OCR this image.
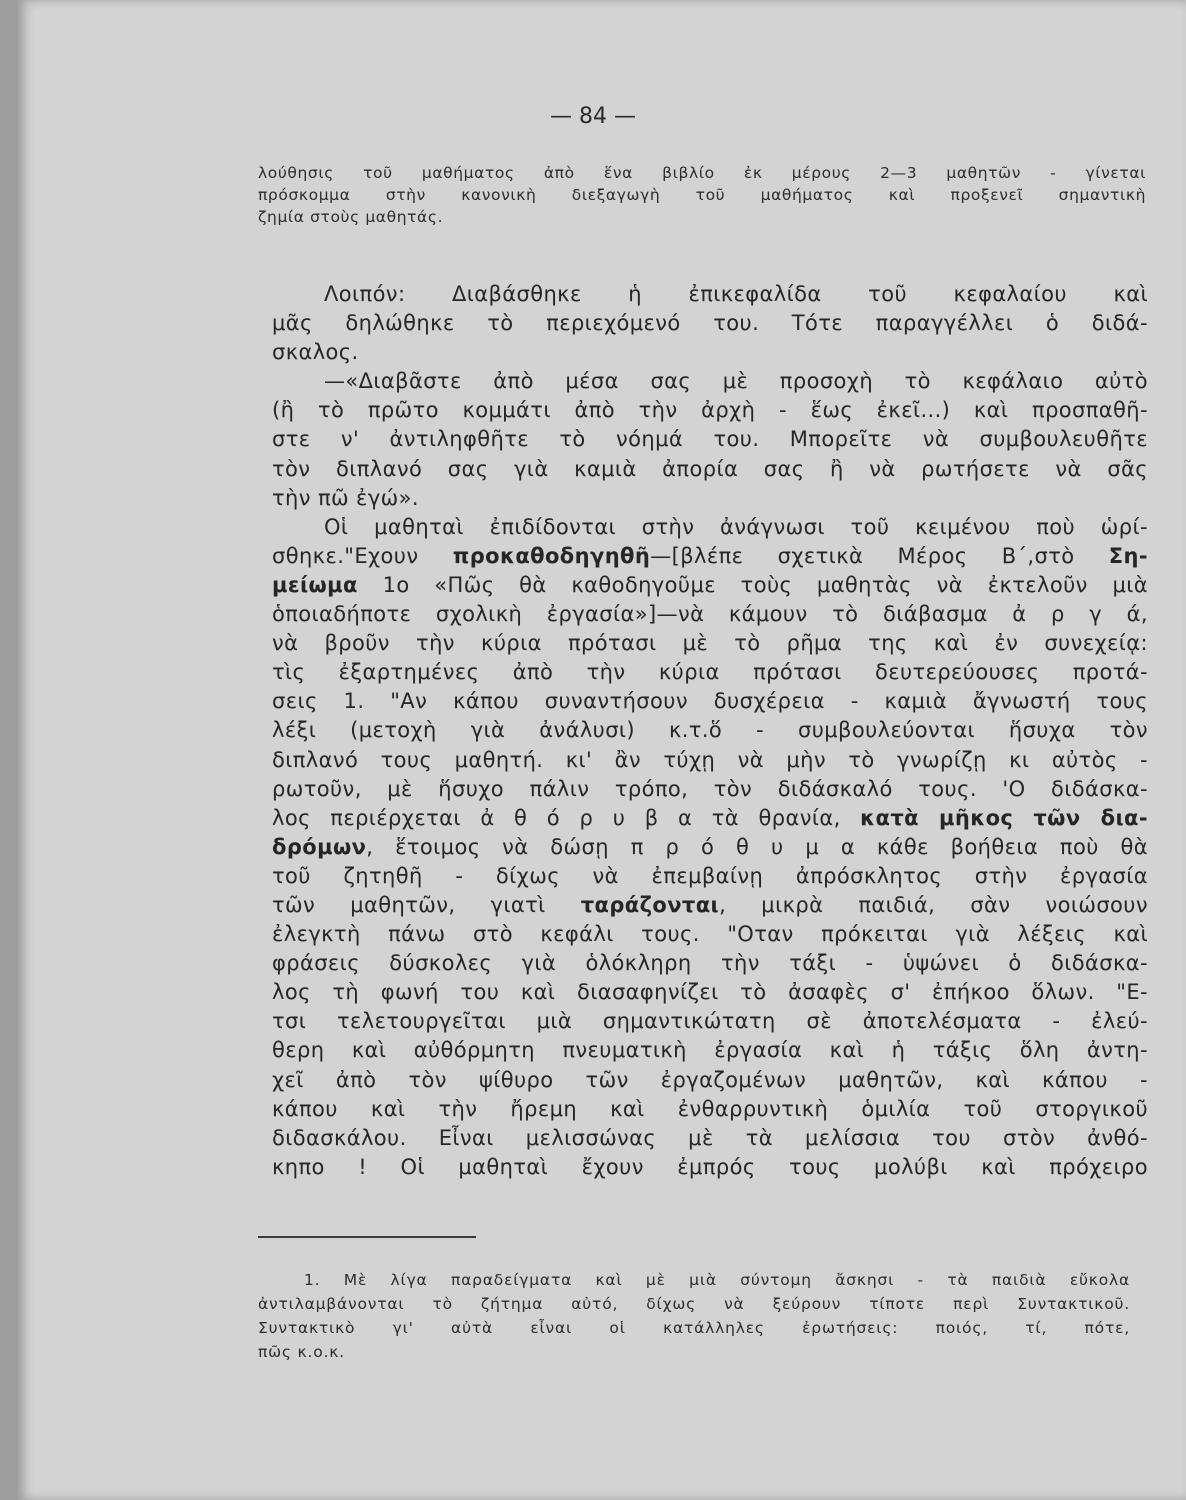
— 84 —
λούθησις τοῦ μαθήματος ἀπὸ ἕνα βιβλίο ἐκ μέρους 2—3 μαθητῶν - γίνεται
πρόσκομμα στὴν κανονικὴ διεξαγωγὴ τοῦ μαθήματος καὶ προξενεῖ σημαντικὴ
ζημία στοὺς μαθητάς.
Λοιπόν: Διαβάσθηκε ἡ ἐπικεφαλίδα τοῦ κεφαλαίου καὶ
μᾶς δηλώθηκε τὸ περιεχόμενό του. Τότε παραγγέλλει ὁ διδά-
σκαλος.
—«Διαβᾶστε ἀπὸ μέσα σας μὲ προσοχὴ τὸ κεφάλαιο αὐτὸ
(ἢ τὸ πρῶτο κομμάτι ἀπὸ τὴν ἀρχὴ - ἕως ἐκεῖ...) καὶ προσπαθῆ-
στε ν' ἀντιληφθῆτε τὸ νόημά του. Μπορεῖτε νὰ συμβουλευθῆτε
τὸν διπλανό σας γιὰ καμιὰ ἀπορία σας ἢ νὰ ρωτήσετε νὰ σᾶς
τὴν πῶ ἐγώ».
Οἱ μαθηταὶ ἐπιδίδονται στὴν ἀνάγνωσι τοῦ κειμένου ποὺ ὡρί-
σθηκε."Εχουν προκαθοδηγηθῆ—[βλέπε σχετικὰ Μέρος Β΄,στὸ Ση-
μείωμα 1ο «Πῶς θὰ καθοδηγοῦμε τοὺς μαθητὰς νὰ ἐκτελοῦν μιὰ
ὁποιαδήποτε σχολικὴ ἐργασία»]—νὰ κάμουν τὸ διάβασμα ἀ ρ γ ά,
νὰ βροῦν τὴν κύρια πρότασι μὲ τὸ ρῆμα της καὶ ἐν συνεχείᾳ:
τὶς ἐξαρτημένες ἀπὸ τὴν κύρια πρότασι δευτερεύουσες προτά-
σεις 1. "Αν κάπου συναντήσουν δυσχέρεια - καμιὰ ἄγνωστή τους
λέξι (μετοχὴ γιὰ ἀνάλυσι) κ.τ.ὅ - συμβουλεύονται ἥσυχα τὸν
διπλανό τους μαθητή. κι' ἂν τύχῃ νὰ μὴν τὸ γνωρίζῃ κι αὐτὸς -
ρωτοῦν, μὲ ἥσυχο πάλιν τρόπο, τὸν διδάσκαλό τους. 'Ο διδάσκα-
λος περιέρχεται ἀ θ ό ρ υ β α τὰ θρανία, κατὰ μῆκος τῶν δια-
δρόμων, ἕτοιμος νὰ δώσῃ π ρ ό θ υ μ α κάθε βοήθεια ποὺ θὰ
τοῦ ζητηθῆ - δίχως νὰ ἐπεμβαίνῃ ἀπρόσκλητος στὴν ἐργασία
τῶν μαθητῶν, γιατὶ ταράζονται, μικρὰ παιδιά, σὰν νοιώσουν
ἐλεγκτὴ πάνω στὸ κεφάλι τους. "Οταν πρόκειται γιὰ λέξεις καὶ
φράσεις δύσκολες γιὰ ὁλόκληρη τὴν τάξι - ὑψώνει ὁ διδάσκα-
λος τὴ φωνή του καὶ διασαφηνίζει τὸ ἀσαφὲς σ' ἐπήκοο ὅλων. "Ε-
τσι τελετουργεῖται μιὰ σημαντικώτατη σὲ ἀποτελέσματα - ἐλεύ-
θερη καὶ αὐθόρμητη πνευματικὴ ἐργασία καὶ ἡ τάξις ὅλη ἀντη-
χεῖ ἀπὸ τὸν ψίθυρο τῶν ἐργαζομένων μαθητῶν, καὶ κάπου -
κάπου καὶ τὴν ἤρεμη καὶ ἐνθαρρυντικὴ ὁμιλία τοῦ στοργικοῦ
διδασκάλου. Εἶναι μελισσώνας μὲ τὰ μελίσσια του στὸν ἀνθό-
κηπο ! Οἱ μαθηταὶ ἔχουν ἐμπρός τους μολύβι καὶ πρόχειρο
1. Μὲ λίγα παραδείγματα καὶ μὲ μιὰ σύντομη ἄσκησι - τὰ παιδιὰ εὔκολα
ἀντιλαμβάνονται τὸ ζήτημα αὐτό, δίχως νὰ ξεύρουν τίποτε περὶ Συντακτικοῦ.
Συντακτικὸ γι' αὐτὰ εἶναι οἱ κατάλληλες ἐρωτήσεις: ποιός, τί, πότε,
πῶς κ.ο.κ.
